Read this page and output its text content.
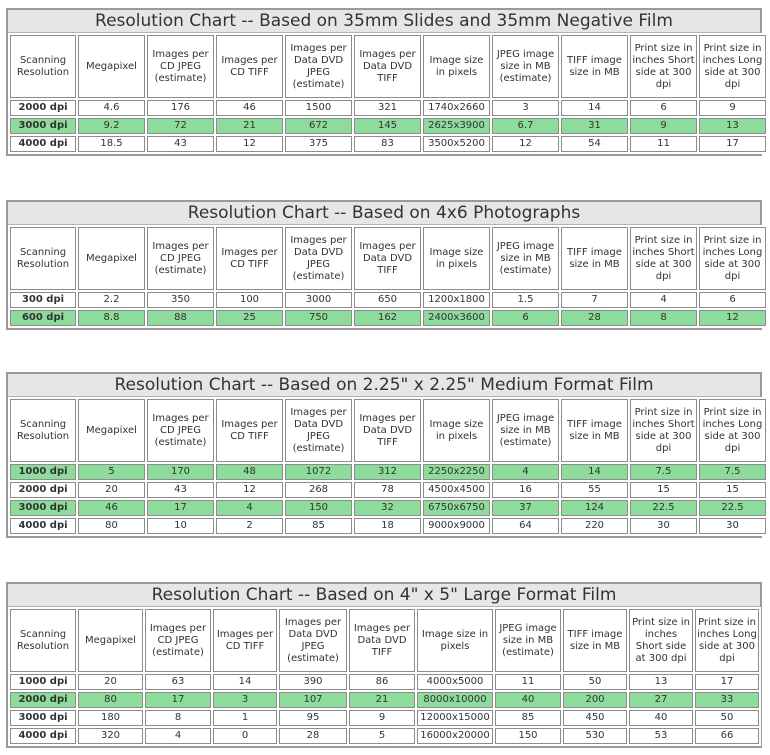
Resolution Chart -- Based on 35mm Slides and 35mm Negative Film
Scanning Resolution	Megapixel	Images per CD JPEG (estimate)	Images per CD TIFF	Images per Data DVD JPEG (estimate)	Images per Data DVD TIFF	Image size in pixels	JPEG image size in MB (estimate)	TIFF image size in MB	Print size in inches Short side at 300 dpi	Print size in inches Long side at 300 dpi
2000 dpi	4.6	176	46	1500	321	1740x2660	3	14	6	9
3000 dpi	9.2	72	21	672	145	2625x3900	6.7	31	9	13
4000 dpi	18.5	43	12	375	83	3500x5200	12	54	11	17
Resolution Chart -- Based on 4x6 Photographs
Scanning Resolution	Megapixel	Images per CD JPEG (estimate)	Images per CD TIFF	Images per Data DVD JPEG (estimate)	Images per Data DVD TIFF	Image size in pixels	JPEG image size in MB (estimate)	TIFF image size in MB	Print size in inches Short side at 300 dpi	Print size in inches Long side at 300 dpi
300 dpi	2.2	350	100	3000	650	1200x1800	1.5	7	4	6
600 dpi	8.8	88	25	750	162	2400x3600	6	28	8	12
Resolution Chart -- Based on 2.25" x 2.25" Medium Format Film
Scanning Resolution	Megapixel	Images per CD JPEG (estimate)	Images per CD TIFF	Images per Data DVD JPEG (estimate)	Images per Data DVD TIFF	Image size in pixels	JPEG image size in MB (estimate)	TIFF image size in MB	Print size in inches Short side at 300 dpi	Print size in inches Long side at 300 dpi
1000 dpi	5	170	48	1072	312	2250x2250	4	14	7.5	7.5
2000 dpi	20	43	12	268	78	4500x4500	16	55	15	15
3000 dpi	46	17	4	150	32	6750x6750	37	124	22.5	22.5
4000 dpi	80	10	2	85	18	9000x9000	64	220	30	30
Resolution Chart -- Based on 4" x 5" Large Format Film
Scanning Resolution	Megapixel	Images per CD JPEG (estimate)	Images per CD TIFF	Images per Data DVD JPEG (estimate)	Images per Data DVD TIFF	Image size in pixels	JPEG image size in MB (estimate)	TIFF image size in MB	Print size in inches Short side at 300 dpi	Print size in inches Long side at 300 dpi
1000 dpi	20	63	14	390	86	4000x5000	11	50	13	17
2000 dpi	80	17	3	107	21	8000x10000	40	200	27	33
3000 dpi	180	8	1	95	9	12000x15000	85	450	40	50
4000 dpi	320	4	0	28	5	16000x20000	150	530	53	66
